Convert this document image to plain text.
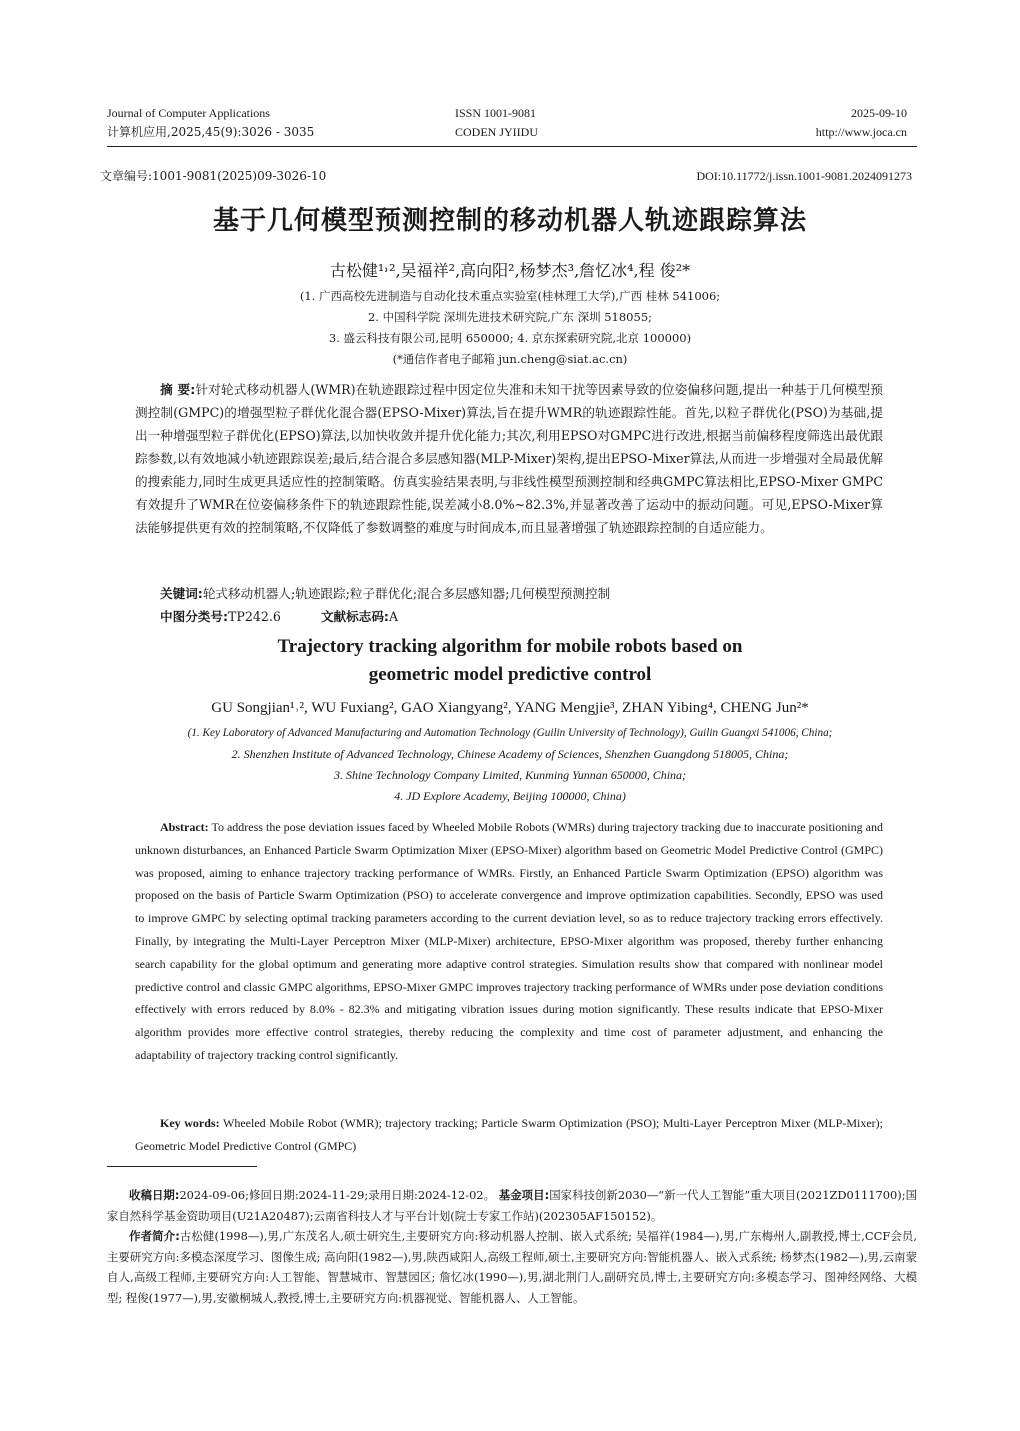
Journal of Computer Applications
计算机应用,2025,45(9):3026 - 3035
ISSN 1001-9081
CODEN JYIIDU
2025-09-10
http://www.joca.cn
文章编号:1001-9081(2025)09-3026-10	DOI:10.11772/j.issn.1001-9081.2024091273
基于几何模型预测控制的移动机器人轨迹跟踪算法
古松健¹˒²,吴福祥²,高向阳²,杨梦杰³,詹忆冰⁴,程 俊²*
(1. 广西高校先进制造与自动化技术重点实验室(桂林理工大学),广西 桂林 541006;
2. 中国科学院 深圳先进技术研究院,广东 深圳 518055;
3. 盛云科技有限公司,昆明 650000; 4. 京东探索研究院,北京 100000)
(*通信作者电子邮箱 jun.cheng@siat.ac.cn)
摘 要:针对轮式移动机器人(WMR)在轨迹跟踪过程中因定位失准和未知干扰等因素导致的位姿偏移问题,提出一种基于几何模型预测控制(GMPC)的增强型粒子群优化混合器(EPSO-Mixer)算法,旨在提升WMR的轨迹跟踪性能。首先,以粒子群优化(PSO)为基础,提出一种增强型粒子群优化(EPSO)算法,以加快收敛并提升优化能力;其次,利用EPSO对GMPC进行改进,根据当前偏移程度筛选出最优跟踪参数,以有效地减小轨迹跟踪误差;最后,结合混合多层感知器(MLP-Mixer)架构,提出EPSO-Mixer算法,从而进一步增强对全局最优解的搜索能力,同时生成更具适应性的控制策略。仿真实验结果表明,与非线性模型预测控制和经典GMPC算法相比,EPSO-Mixer GMPC有效提升了WMR在位姿偏移条件下的轨迹跟踪性能,误差减小8.0%~82.3%,并显著改善了运动中的振动问题。可见,EPSO-Mixer算法能够提供更有效的控制策略,不仅降低了参数调整的难度与时间成本,而且显著增强了轨迹跟踪控制的自适应能力。
关键词:轮式移动机器人;轨迹跟踪;粒子群优化;混合多层感知器;几何模型预测控制
中图分类号:TP242.6	文献标志码:A
Trajectory tracking algorithm for mobile robots based on
geometric model predictive control
GU Songjian¹˒², WU Fuxiang², GAO Xiangyang², YANG Mengjie³, ZHAN Yibing⁴, CHENG Jun²*
(1. Key Laboratory of Advanced Manufacturing and Automation Technology (Guilin University of Technology), Guilin Guangxi 541006, China;
2. Shenzhen Institute of Advanced Technology, Chinese Academy of Sciences, Shenzhen Guangdong 518005, China;
3. Shine Technology Company Limited, Kunming Yunnan 650000, China;
4. JD Explore Academy, Beijing 100000, China)
Abstract: To address the pose deviation issues faced by Wheeled Mobile Robots (WMRs) during trajectory tracking due to inaccurate positioning and unknown disturbances, an Enhanced Particle Swarm Optimization Mixer (EPSO-Mixer) algorithm based on Geometric Model Predictive Control (GMPC) was proposed, aiming to enhance trajectory tracking performance of WMRs. Firstly, an Enhanced Particle Swarm Optimization (EPSO) algorithm was proposed on the basis of Particle Swarm Optimization (PSO) to accelerate convergence and improve optimization capabilities. Secondly, EPSO was used to improve GMPC by selecting optimal tracking parameters according to the current deviation level, so as to reduce trajectory tracking errors effectively. Finally, by integrating the Multi-Layer Perceptron Mixer (MLP-Mixer) architecture, EPSO-Mixer algorithm was proposed, thereby further enhancing search capability for the global optimum and generating more adaptive control strategies. Simulation results show that compared with nonlinear model predictive control and classic GMPC algorithms, EPSO-Mixer GMPC improves trajectory tracking performance of WMRs under pose deviation conditions effectively with errors reduced by 8.0% - 82.3% and mitigating vibration issues during motion significantly. These results indicate that EPSO-Mixer algorithm provides more effective control strategies, thereby reducing the complexity and time cost of parameter adjustment, and enhancing the adaptability of trajectory tracking control significantly.
Key words: Wheeled Mobile Robot (WMR); trajectory tracking; Particle Swarm Optimization (PSO); Multi-Layer Perceptron Mixer (MLP-Mixer); Geometric Model Predictive Control (GMPC)
收稿日期:2024-09-06;修回日期:2024-11-29;录用日期:2024-12-02。 基金项目:国家科技创新2030—“新一代人工智能”重大项目(2021ZD0111700);国家自然科学基金资助项目(U21A20487);云南省科技人才与平台计划(院士专家工作站)(202305AF150152)。
作者简介:古松健(1998—),男,广东茂名人,硕士研究生,主要研究方向:移动机器人控制、嵌入式系统; 吴福祥(1984—),男,广东梅州人,副教授,博士,CCF会员,主要研究方向:多模态深度学习、图像生成; 高向阳(1982—),男,陕西咸阳人,高级工程师,硕士,主要研究方向:智能机器人、嵌入式系统; 杨梦杰(1982—),男,云南蒙自人,高级工程师,主要研究方向:人工智能、智慧城市、智慧园区; 詹忆冰(1990—),男,湖北荆门人,副研究员,博士,主要研究方向:多模态学习、图神经网络、大模型; 程俊(1977—),男,安徽桐城人,教授,博士,主要研究方向:机器视觉、智能机器人、人工智能。
